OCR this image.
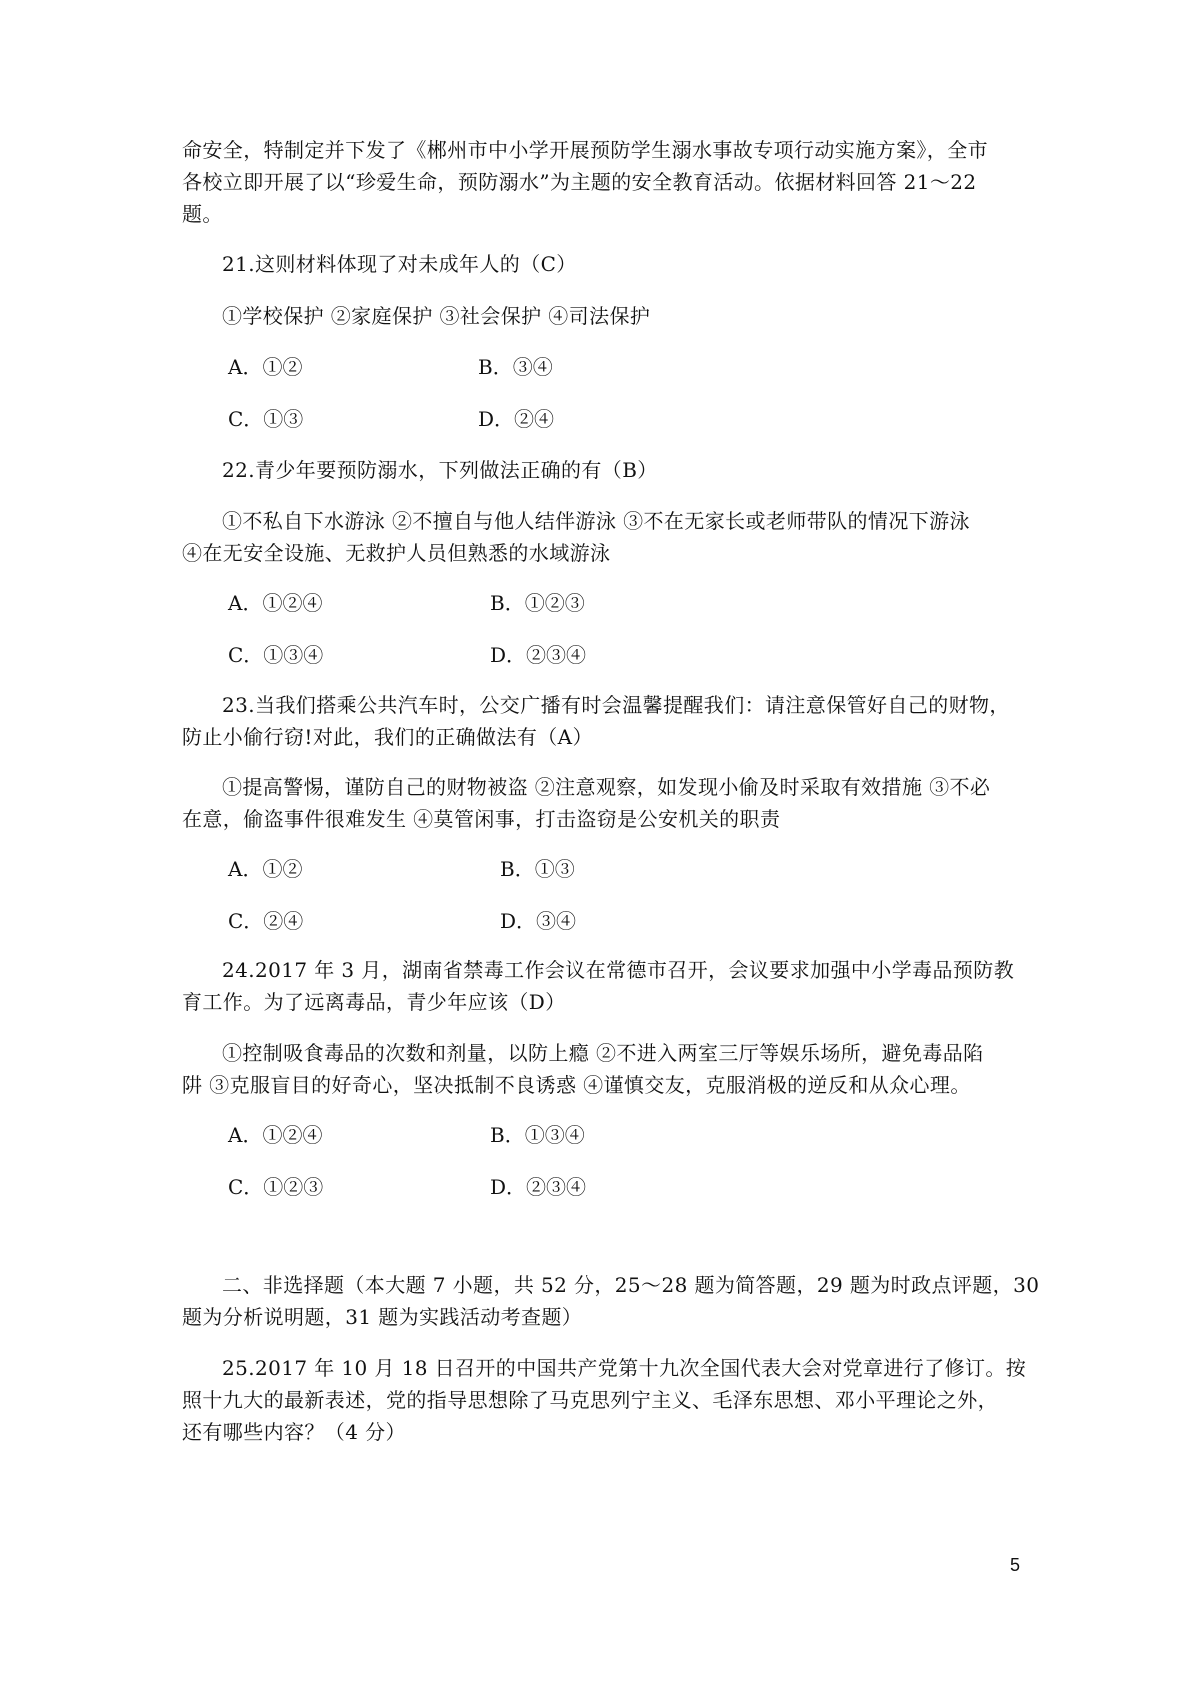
命安全，特制定并下发了《郴州市中小学开展预防学生溺水事故专项行动实施方案》，全市
各校立即开展了以“珍爱生命，预防溺水”为主题的安全教育活动。依据材料回答 21～22
题。
21.这则材料体现了对未成年人的（C）
①学校保护 ②家庭保护 ③社会保护 ④司法保护
A．①②	B．③④
C．①③	D．②④
22.青少年要预防溺水，下列做法正确的有（B）
①不私自下水游泳 ②不擅自与他人结伴游泳 ③不在无家长或老师带队的情况下游泳
④在无安全设施、无救护人员但熟悉的水域游泳
A．①②④	B．①②③
C．①③④	D．②③④
23.当我们搭乘公共汽车时，公交广播有时会温馨提醒我们：请注意保管好自己的财物，
防止小偷行窃!对此，我们的正确做法有（A）
①提高警惕，谨防自己的财物被盗 ②注意观察，如发现小偷及时采取有效措施 ③不必
在意，偷盗事件很难发生 ④莫管闲事，打击盗窃是公安机关的职责
A．①②	B．①③
C．②④	D．③④
24.2017 年 3 月，湖南省禁毒工作会议在常德市召开，会议要求加强中小学毒品预防教
育工作。为了远离毒品，青少年应该（D）
①控制吸食毒品的次数和剂量，以防上瘾 ②不进入两室三厅等娱乐场所，避免毒品陷
阱 ③克服盲目的好奇心，坚决抵制不良诱惑 ④谨慎交友，克服消极的逆反和从众心理。
A．①②④	B．①③④
C．①②③	D．②③④
二、非选择题（本大题 7 小题，共 52 分，25～28 题为简答题，29 题为时政点评题，30
题为分析说明题，31 题为实践活动考查题）
25.2017 年 10 月 18 日召开的中国共产党第十九次全国代表大会对党章进行了修订。按
照十九大的最新表述，党的指导思想除了马克思列宁主义、毛泽东思想、邓小平理论之外，
还有哪些内容？（4 分）
5
